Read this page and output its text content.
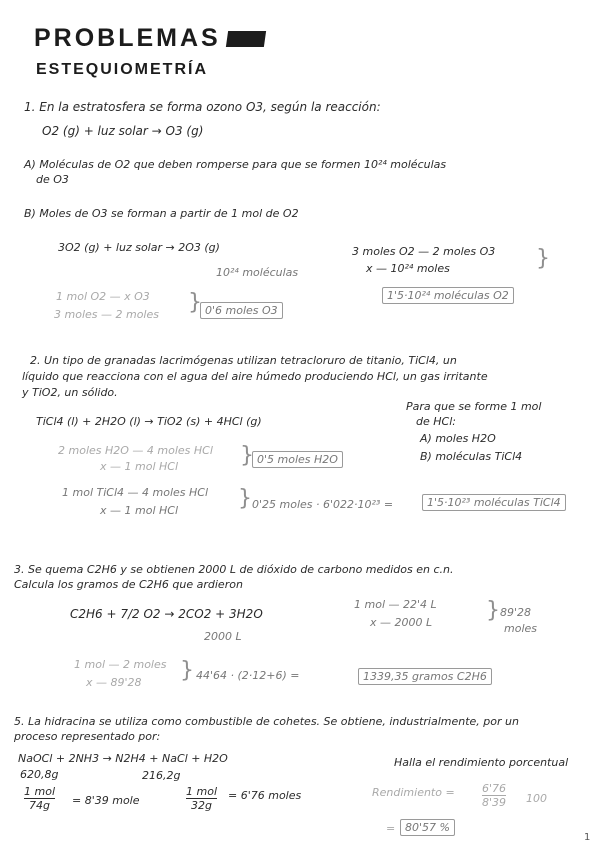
PROBLEMAS
ESTEQUIOMETRÍA
1. En la estratosfera se forma ozono O3, según la reacción:
O2 (g) + luz solar → O3 (g)
A) Moléculas de O2 que deben romperse para que se formen 10²⁴ moléculas
de O3
B) Moles de O3 se forman a partir de 1 mol de O2
3O2 (g) + luz solar → 2O3 (g)
10²⁴ moléculas
3 moles O2 — 2 moles O3
x — 10²⁴ moles	}
1'5·10²⁴ moléculas O2
1 mol O2 — x O3
3 moles — 2 moles } 0'6 moles O3
2. Un tipo de granadas lacrimógenas utilizan tetracloruro de titanio, TiCl4, un
líquido que reacciona con el agua del aire húmedo produciendo HCl, un gas irritante
y TiO2, un sólido.
TiCl4 (l) + 2H2O (l) → TiO2 (s) + 4HCl (g)
Para que se forme 1 mol
de HCl:
A) moles H2O
B) moléculas TiCl4
2 moles H2O — 4 moles HCl
x — 1 mol HCl	} 0'5 moles H2O
1 mol TiCl4 — 4 moles HCl
x — 1 mol HCl	} 0'25 moles · 6'022·10²³ =	1'5·10²³ moléculas TiCl4
3. Se quema C2H6 y se obtienen 2000 L de dióxido de carbono medidos en c.n.
Calcula los gramos de C2H6 que ardieron
C2H6 + 7/2 O2 → 2CO2 + 3H2O
2000 L
1 mol — 22'4 L
x — 2000 L } 89'28
moles
1 mol — 2 moles
x — 89'28 } 44'64 · (2·12+6) =	1339,35 gramos C2H6
5. La hidracina se utiliza como combustible de cohetes. Se obtiene, industrialmente, por un
proceso representado por:
NaOCl + 2NH3 → N2H4 + NaCl + H2O
620,8g	216,2g
Halla el rendimiento porcentual
1 mol
74g	= 8'39 mole
1 mol
32g
= 6'76 moles	Rendimiento = $\frac{6'76}{8'39} 100$
= 80'57 %
1
